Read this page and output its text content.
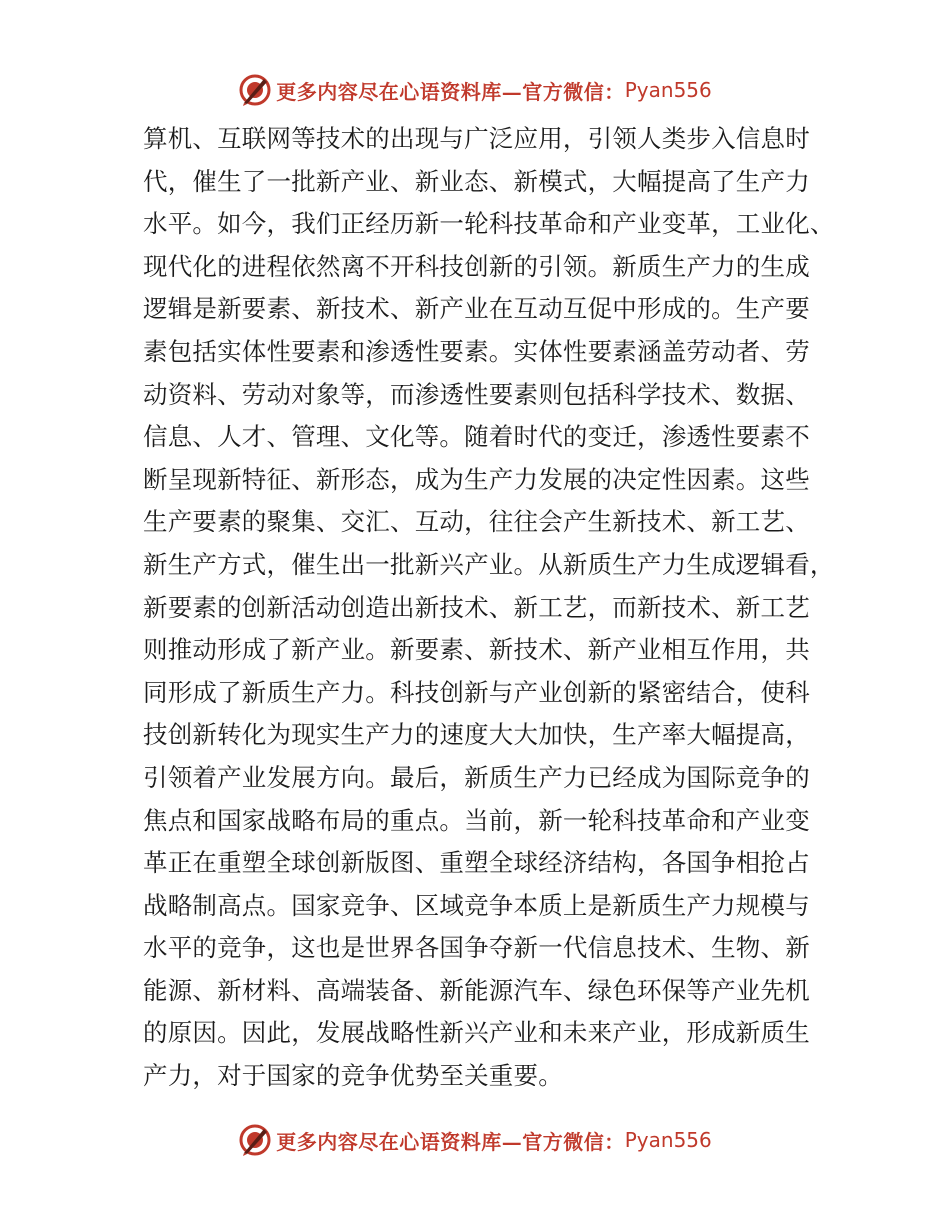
更多内容尽在心语资料库—官方微信： Pyan556
算机、互联网等技术的出现与广泛应用，引领人类步入信息时
代，催生了一批新产业、新业态、新模式，大幅提高了生产力
水平。如今，我们正经历新一轮科技革命和产业变革，工业化、
现代化的进程依然离不开科技创新的引领。新质生产力的生成
逻辑是新要素、新技术、新产业在互动互促中形成的。生产要
素包括实体性要素和渗透性要素。实体性要素涵盖劳动者、劳
动资料、劳动对象等，而渗透性要素则包括科学技术、数据、
信息、人才、管理、文化等。随着时代的变迁，渗透性要素不
断呈现新特征、新形态，成为生产力发展的决定性因素。这些
生产要素的聚集、交汇、互动，往往会产生新技术、新工艺、
新生产方式，催生出一批新兴产业。从新质生产力生成逻辑看，
新要素的创新活动创造出新技术、新工艺，而新技术、新工艺
则推动形成了新产业。新要素、新技术、新产业相互作用，共
同形成了新质生产力。科技创新与产业创新的紧密结合，使科
技创新转化为现实生产力的速度大大加快，生产率大幅提高，
引领着产业发展方向。最后，新质生产力已经成为国际竞争的
焦点和国家战略布局的重点。当前，新一轮科技革命和产业变
革正在重塑全球创新版图、重塑全球经济结构，各国争相抢占
战略制高点。国家竞争、区域竞争本质上是新质生产力规模与
水平的竞争，这也是世界各国争夺新一代信息技术、生物、新
能源、新材料、高端装备、新能源汽车、绿色环保等产业先机
的原因。因此，发展战略性新兴产业和未来产业，形成新质生
产力，对于国家的竞争优势至关重要。
更多内容尽在心语资料库—官方微信： Pyan556
